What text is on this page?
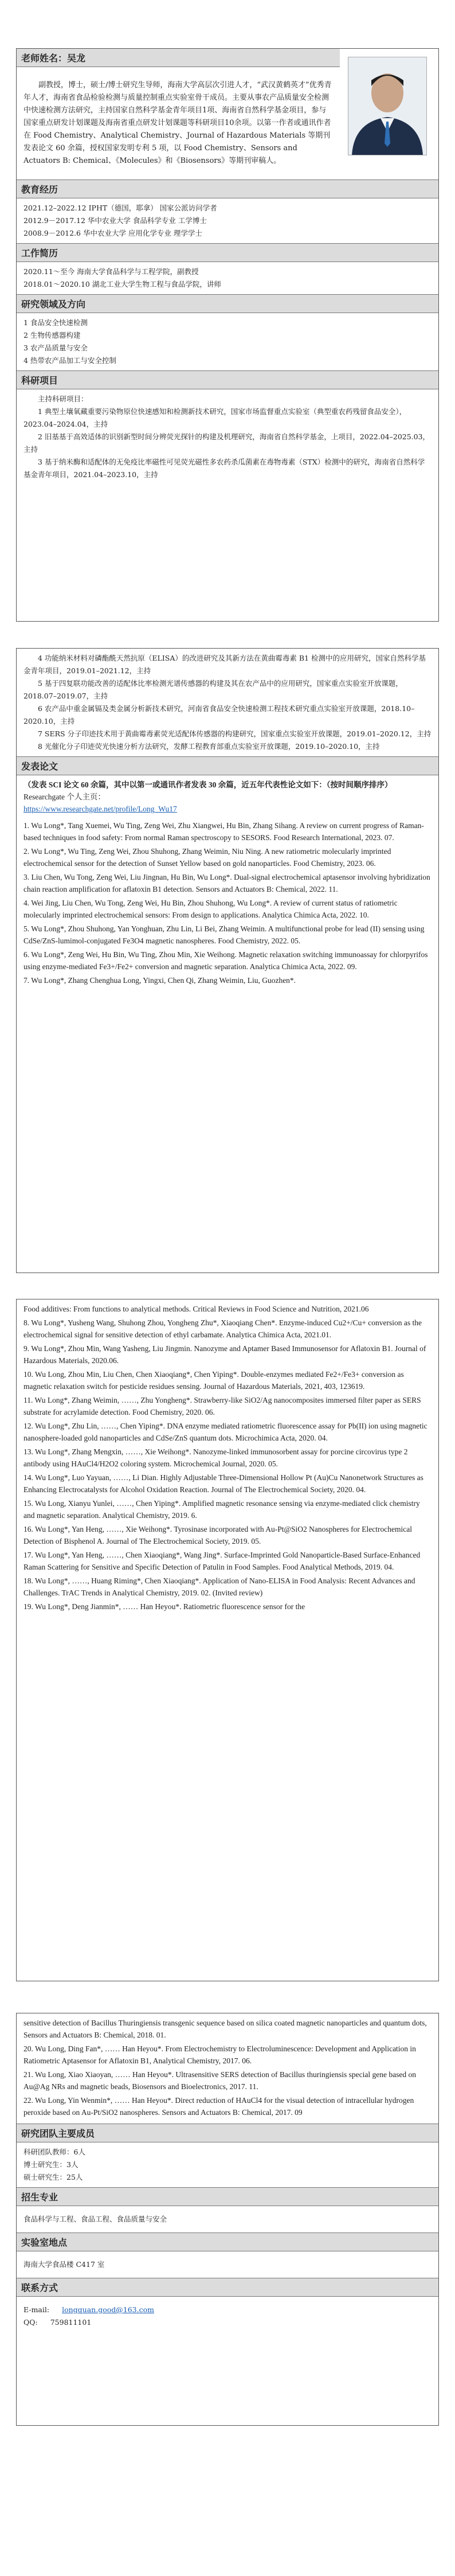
老师姓名：吴龙

副教授，博士，硕士/博士研究生导师，海南大学高层次引进人才，“武汉黄鹤英才”优秀青年人才，海南省食品检验检测与质量控制重点实验室骨干成员。主要从事农产品质量安全检测中快速检测方法研究，主持国家自然科学基金青年项目1项、海南省自然科学基金项目，参与国家重点研发计划课题及海南省重点研发计划课题等科研项目10余项。以第一作者或通讯作者在 Food Chemistry、Analytical Chemistry、Journal of Hazardous Materials 等期刊发表论文 60 余篇，授权国家发明专利 5 项，以 Food Chemistry、Sensors and Actuators B: Chemical、《Molecules》和《Biosensors》等期刊审稿人。

教育经历

2021.12–2022.12 IPHT（德国，耶拿） 国家公派访问学者

2012.9－2017.12 华中农业大学 食品科学专业 工学博士

2008.9－2012.6 华中农业大学 应用化学专业 理学学士

工作简历

2020.11～至今 海南大学食品科学与工程学院，副教授

2018.01～2020.10 湖北工业大学生物工程与食品学院，讲师

研究领域及方向

1 食品安全快速检测

2 生物传感器构建

3 农产品质量与安全

4 热带农产品加工与安全控制

科研项目

主持科研项目：

1 典型土壤氧藏重要污染物原位快速感知和检测新技术研究，国家市场监督重点实验室（典型重农药残留食品安全），2023.04–2024.04，主持

2 旧基基于高效适体的识别新型时间分辨荧光探针的构建及机理研究，海南省自然科学基金，上项目，2022.04–2025.03，主持

3 基于纳米酶和适配体的无免疫比率磁性可见荧光磁性多农药杀瓜菌素在毒物毒素（STX）检测中的研究，海南省自然科学基金青年项目，2021.04–2023.10，主持

4 功能纳米材料对磷酯酰天然抗原（ELISA）的改进研究及其新方法在黄曲霉毒素 B1 检测中的应用研究，国家自然科学基金青年项目，2019.01–2021.12，主持

5 基于四复联功能改善的适配体比率检测光谱传感器的构建及其在农产品中的应用研究，国家重点实验室开放课题，2018.07–2019.07，主持

6 农产品中重金属镉及类金属分析新技术研究，河南省食品安全快速检测工程技术研究重点实验室开放课题，2018.10–2020.10，主持

7 SERS 分子印迹技术用于黄曲霉毒素荧光适配体传感器的构建研究，国家重点实验室开放课题，2019.01–2020.12，主持

8 光催化分子印迹荧光快速分析方法研究，发酵工程教育部重点实验室开放课题，2019.10–2020.10，主持

发表论文

（发表 SCI 论文 60 余篇，其中以第一或通讯作者发表 30 余篇，近五年代表性论文如下：（按时间顺序排序）

Researchgate 个人主页：

https://www.researchgate.net/profile/Long_Wu17

1. Wu Long*, Tang Xuemei, Wu Ting, Zeng Wei, Zhu Xiangwei, Hu Bin, Zhang Sihang. A review on current progress of Raman-based techniques in food safety: From normal Raman spectroscopy to SESORS. Food Research International, 2023. 07.

2. Wu Long*, Wu Ting, Zeng Wei, Zhou Shuhong, Zhang Weimin, Niu Ning. A new ratiometric molecularly imprinted electrochemical sensor for the detection of Sunset Yellow based on gold nanoparticles. Food Chemistry, 2023. 06.

3. Liu Chen, Wu Tong, Zeng Wei, Liu Jingnan, Hu Bin, Wu Long*. Dual-signal electrochemical aptasensor involving hybridization chain reaction amplification for aflatoxin B1 detection. Sensors and Actuators B: Chemical, 2022. 11.

4. Wei Jing, Liu Chen, Wu Tong, Zeng Wei, Hu Bin, Zhou Shuhong, Wu Long*. A review of current status of ratiometric molecularly imprinted electrochemical sensors: From design to applications. Analytica Chimica Acta, 2022. 10.

5. Wu Long*, Zhou Shuhong, Yan Yonghuan, Zhu Lin, Li Bei, Zhang Weimin. A multifunctional probe for lead (II) sensing using CdSe/ZnS-lumimol-conjugated Fe3O4 magnetic nanospheres. Food Chemistry, 2022. 05.

6. Wu Long*, Zeng Wei, Hu Bin, Wu Ting, Zhou Min, Xie Weihong. Magnetic relaxation switching immunoassay for chlorpyrifos using enzyme-mediated Fe3+/Fe2+ conversion and magnetic separation. Analytica Chimica Acta, 2022. 09.

7. Wu Long*, Zhang Chenghua Long, Yingxi, Chen Qi, Zhang Weimin, Liu, Guozhen*.

Food additives: From functions to analytical methods. Critical Reviews in Food Science and Nutrition, 2021.06

8. Wu Long*, Yusheng Wang, Shuhong Zhou, Yongheng Zhu*, Xiaoqiang Chen*. Enzyme-induced Cu2+/Cu+ conversion as the electrochemical signal for sensitive detection of ethyl carbamate. Analytica Chimica Acta, 2021.01.

9. Wu Long*, Zhou Min, Wang Yasheng, Liu Jingmin. Nanozyme and Aptamer Based Immunosensor for Aflatoxin B1. Journal of Hazardous Materials, 2020.06.

10. Wu Long, Zhou Min, Liu Chen, Chen Xiaoqiang*, Chen Yiping*. Double-enzymes mediated Fe2+/Fe3+ conversion as magnetic relaxation switch for pesticide residues sensing. Journal of Hazardous Materials, 2021, 403, 123619.

11. Wu Long*, Zhang Weimin, ……, Zhu Yongheng*. Strawberry-like SiO2/Ag nanocomposites immersed filter paper as SERS substrate for acrylamide detection. Food Chemistry, 2020. 06.

12. Wu Long*, Zhu Lin, ……, Chen Yiping*. DNA enzyme mediated ratiometric fluorescence assay for Pb(II) ion using magnetic nanosphere-loaded gold nanoparticles and CdSe/ZnS quantum dots. Microchimica Acta, 2020. 04.

13. Wu Long*, Zhang Mengxin, ……, Xie Weihong*. Nanozyme-linked immunosorbent assay for porcine circovirus type 2 antibody using HAuCl4/H2O2 coloring system. Microchemical Journal, 2020. 05.

14. Wu Long*, Luo Yayuan, ……, Li Dian. Highly Adjustable Three-Dimensional Hollow Pt (Au)Cu Nanonetwork Structures as Enhancing Electrocatalysts for Alcohol Oxidation Reaction. Journal of The Electrochemical Society, 2020. 04.

15. Wu Long, Xianyu Yunlei, ……, Chen Yiping*. Amplified magnetic resonance sensing via enzyme-mediated click chemistry and magnetic separation. Analytical Chemistry, 2019. 6.

16. Wu Long*, Yan Heng, ……, Xie Weihong*. Tyrosinase incorporated with Au-Pt@SiO2 Nanospheres for Electrochemical Detection of Bisphenol A. Journal of The Electrochemical Society, 2019. 05.

17. Wu Long*, Yan Heng, ……, Chen Xiaoqiang*, Wang Jing*. Surface-Imprinted Gold Nanoparticle-Based Surface-Enhanced Raman Scattering for Sensitive and Specific Detection of Patulin in Food Samples. Food Analytical Methods, 2019. 04.

18. Wu Long*, ……, Huang Riming*, Chen Xiaoqiang*. Application of Nano-ELISA in Food Analysis: Recent Advances and Challenges. TrAC Trends in Analytical Chemistry, 2019. 02. (Invited review)

19. Wu Long*, Deng Jianmin*, …… Han Heyou*. Ratiometric fluorescence sensor for the

sensitive detection of Bacillus Thuringiensis transgenic sequence based on silica coated magnetic nanoparticles and quantum dots, Sensors and Actuators B: Chemical, 2018. 01.

20. Wu Long, Ding Fan*, …… Han Heyou*. From Electrochemistry to Electroluminescence: Development and Application in Ratiometric Aptasensor for Aflatoxin B1, Analytical Chemistry, 2017. 06.

21. Wu Long, Xiao Xiaoyan, …… Han Heyou*. Ultrasensitive SERS detection of Bacillus thuringiensis special gene based on Au@Ag NRs and magnetic beads, Biosensors and Bioelectronics, 2017. 11.

22. Wu Long, Yin Wenmin*, …… Han Heyou*. Direct reduction of HAuCl4 for the visual detection of intracellular hydrogen peroxide based on Au-Pt/SiO2 nanospheres. Sensors and Actuators B: Chemical, 2017. 09

研究团队主要成员

科研团队教师：6人

博士研究生：3人

硕士研究生：25人

招生专业

食品科学与工程、食品工程、食品质量与安全

实验室地点

海南大学食品楼 C417 室

联系方式
E-mail: longquan.good@163.com
QQ: 759811101
